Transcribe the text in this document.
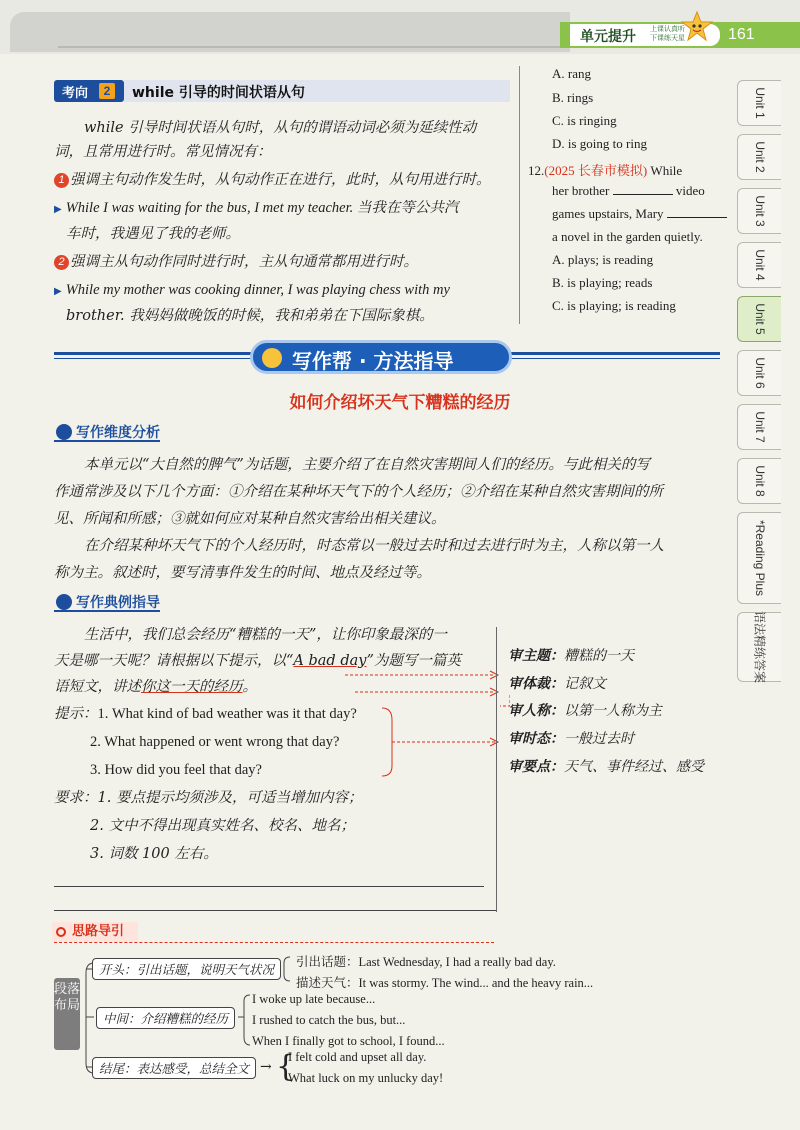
单元提升 上课认真听
下课练天星	161
Unit 1
Unit 2
Unit 3
Unit 4
Unit 5
Unit 6
Unit 7
Unit 8
*Reading Plus
语法精练答案
考向	2	while 引导的时间状语从句
while 引导时间状语从句时，从句的谓语动词必须为延续性动
词，且常用进行时。常见情况有：
1 强调主句动作发生时，从句动作正在进行，此时，从句用进行时。
▶ While I was waiting for the bus, I met my teacher. 当我在等公共汽
车时，我遇见了我的老师。
2 强调主从句动作同时进行时，主从句通常都用进行时。
▶ While my mother was cooking dinner, I was playing chess with my
brother. 我妈妈做晚饭的时候，我和弟弟在下国际象棋。
A. rang
B. rings
C. is ringing
D. is going to ring
12.(2025 长春市模拟) While
her brother	video
games upstairs, Mary
a novel in the garden quietly.
A. plays; is reading
B. is playing; reads
C. is playing; is reading
写作帮 · 方法指导
如何介绍坏天气下糟糕的经历
写作维度分析
本单元以“大自然的脾气”为话题，主要介绍了在自然灾害期间人们的经历。与此相关的写
作通常涉及以下几个方面：①介绍在某种坏天气下的个人经历；②介绍在某种自然灾害期间的所
见、所闻和所感；③就如何应对某种自然灾害给出相关建议。
在介绍某种坏天气下的个人经历时，时态常以一般过去时和过去进行时为主，人称以第一人
称为主。叙述时，要写清事件发生的时间、地点及经过等。
写作典例指导
生活中，我们总会经历“糟糕的一天”，让你印象最深的一
天是哪一天呢？请根据以下提示，以“A bad day”为题写一篇英
语短文，讲述你这一天的经历。
提示：1. What kind of bad weather was it that day?
2. What happened or went wrong that day?
3. How did you feel that day?
要求：1. 要点提示均须涉及，可适当增加内容；
2. 文中不得出现真实姓名、校名、地名；
3. 词数 100 左右。
审主题：糟糕的一天
审体裁：记叙文
审人称：以第一人称为主
审时态：一般过去时
审要点：天气、事件经过、感受
思路导引
段落布局
开头：引出话题，说明天气状况	引出话题：Last Wednesday, I had a really bad day.
描述天气：It was stormy. The wind... and the heavy rain...
中间：介绍糟糕的经历
I woke up late because...
I rushed to catch the bus, but...
When I finally got to school, I found...
结尾：表达感受，总结全文 → {
I felt cold and upset all day.
What luck on my unlucky day!
